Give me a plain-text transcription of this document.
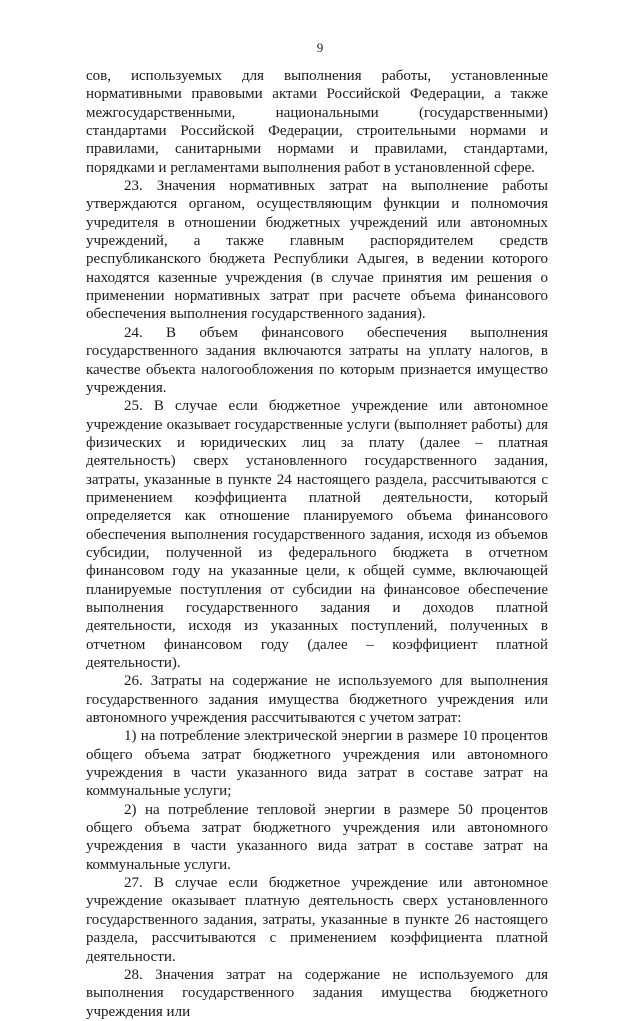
9

сов, используемых для выполнения работы, установленные нормативными правовыми актами Российской Федерации, а также межгосударственными, национальными (государственными) стандартами Российской Федерации, строительными нормами и правилами, санитарными нормами и правилами, стандартами, порядками и регламентами выполнения работ в установленной сфере.

23. Значения нормативных затрат на выполнение работы утверждаются органом, осуществляющим функции и полномочия учредителя в отношении бюджетных учреждений или автономных учреждений, а также главным распорядителем средств республиканского бюджета Республики Адыгея, в ведении которого находятся казенные учреждения (в случае принятия им решения о применении нормативных затрат при расчете объема финансового обеспечения выполнения государственного задания).

24. В объем финансового обеспечения выполнения государственного задания включаются затраты на уплату налогов, в качестве объекта налогообложения по которым признается имущество учреждения.

25. В случае если бюджетное учреждение или автономное учреждение оказывает государственные услуги (выполняет работы) для физических и юридических лиц за плату (далее – платная деятельность) сверх установленного государственного задания, затраты, указанные в пункте 24 настоящего раздела, рассчитываются с применением коэффициента платной деятельности, который определяется как отношение планируемого объема финансового обеспечения выполнения государственного задания, исходя из объемов субсидии, полученной из федерального бюджета в отчетном финансовом году на указанные цели, к общей сумме, включающей планируемые поступления от субсидии на финансовое обеспечение выполнения государственного задания и доходов платной деятельности, исходя из указанных поступлений, полученных в отчетном финансовом году (далее – коэффициент платной деятельности).

26. Затраты на содержание не используемого для выполнения государственного задания имущества бюджетного учреждения или автономного учреждения рассчитываются с учетом затрат:

1) на потребление электрической энергии в размере 10 процентов общего объема затрат бюджетного учреждения или автономного учреждения в части указанного вида затрат в составе затрат на коммунальные услуги;

2) на потребление тепловой энергии в размере 50 процентов общего объема затрат бюджетного учреждения или автономного учреждения в части указанного вида затрат в составе затрат на коммунальные услуги.

27. В случае если бюджетное учреждение или автономное учреждение оказывает платную деятельность сверх установленного государственного задания, затраты, указанные в пункте 26 настоящего раздела, рассчитываются с применением коэффициента платной деятельности.

28. Значения затрат на содержание не используемого для выполнения государственного задания имущества бюджетного учреждения или
